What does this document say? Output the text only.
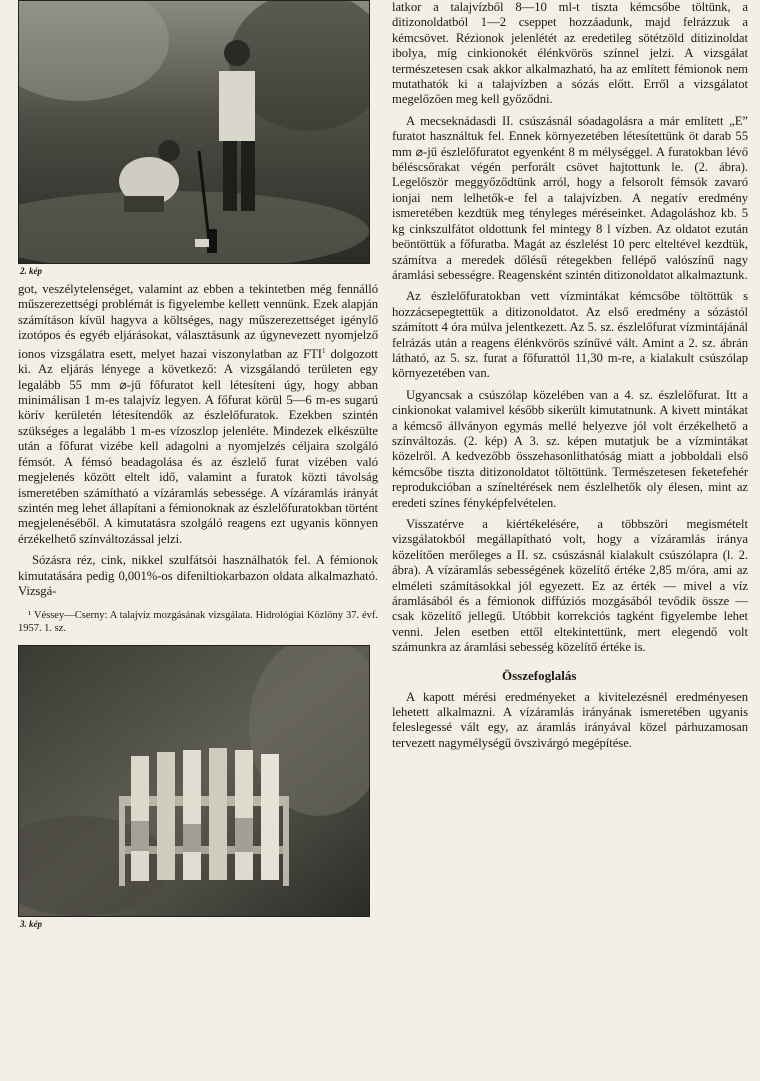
2. kép

got, veszélytelenséget, valamint az ebben a tekintetben még fennálló műszerezettségi problémát is figyelembe kellett vennünk. Ezek alapján számításon kívül hagyva a költséges, nagy műszerezettséget igénylő izotópos és egyéb eljárásokat, választásunk az úgynevezett nyomjelző ionos vizsgálatra esett, melyet hazai viszonylatban az FTI$^1$ dolgozott ki. Az eljárás lényege a következő: A vizsgálandó területen egy legalább 55 mm ⌀-jű főfuratot kell létesíteni úgy, hogy abban minimálisan 1 m-es talajvíz legyen. A főfurat körül 5—6 m-es sugarú körív kerületén létesítendők az észlelőfuratok. Ezekben szintén szükséges a legalább 1 m-es vízoszlop jelenléte. Mindezek elkészülte után a főfurat vizébe kell adagolni a nyomjelzés céljaira szolgáló fémsót. A fémsó beadagolása és az észlelő furat vizében való megjelenés között eltelt idő, valamint a furatok közti távolság ismeretében számítható a vízáramlás sebessége. A vízáramlás irányát szintén meg lehet állapítani a fémionoknak az észlelőfuratokban történt megjelenéséből. A kimutatásra szolgáló reagens ezt ugyanis könnyen érzékelhető színváltozással jelzi.

Sózásra réz, cink, nikkel szulfátsói használhatók fel. A fémionok kimutatására pedig 0,001%-os difeniltiokarbazon oldata alkalmazható. Vizsgá-

¹ Véssey—Cserny: A talajvíz mozgásának vizsgálata. Hidrológiai Közlöny 37. évf. 1957. 1. sz.

3. kép

latkor a talajvízből 8—10 ml-t tiszta kémcsőbe töltünk, a ditizonoldatból 1—2 cseppet hozzáadunk, majd felrázzuk a kémcsövet. Rézionok jelenlétét az eredetileg sötétzöld ditizinoldat ibolya, míg cinkionokét élénkvörös színnel jelzi. A vizsgálat természetesen csak akkor alkalmazható, ha az említett fémionok nem mutathatók ki a talajvízben a sózás előtt. Erről a vizsgálatot megelőzően meg kell győződni.

A mecseknádasdi II. csúszásnál sóadagolásra a már említett „E” furatot használtuk fel. Ennek környezetében létesítettünk öt darab 55 mm ⌀-jű észlelőfuratot egyenként 8 m mélységgel. A furatokban lévő béléscsőrakat végén perforált csövet hajtottunk le. (2. ábra). Legelőször meggyőződtünk arról, hogy a felsorolt fémsók zavaró ionjai nem lelhetők-e fel a talajvízben. A negatív eredmény ismeretében kezdtük meg tényleges méréseinket. Adagoláshoz kb. 5 kg cinkszulfátot oldottunk fel mintegy 8 l vízben. Az oldatot ezután beöntöttük a főfuratba. Magát az észlelést 10 perc elteltével kezdtük, számítva a meredek dőlésű rétegekben fellépő valószínű nagy áramlási sebességre. Reagensként szintén ditizonoldatot alkalmaztunk.

Az észlelőfuratokban vett vízmintákat kémcsőbe töltöttük s hozzácsepegtettük a ditizonoldatot. Az első eredmény a sózástól számított 4 óra múlva jelentkezett. Az 5. sz. észlelőfurat vízmintájánál felrázás után a reagens élénkvörös színűvé vált. Amint a 2. sz. ábrán látható, az 5. sz. furat a főfurattól 11,30 m-re, a kialakult csúszólap környezetében van.

Ugyancsak a csúszólap közelében van a 4. sz. észlelőfurat. Itt a cinkionokat valamivel később sikerült kimutatnunk. A kivett mintákat a kémcső állványon egymás mellé helyezve jól volt érzékelhető a színváltozás. (2. kép) A 3. sz. képen mutatjuk be a vízmintákat közelről. A kedvezőbb összehasonlíthatóság miatt a jobboldali első kémcsőbe tiszta ditizonoldatot töltöttünk. Természetesen feketefehér reprodukcióban a színeltérések nem észlelhetők oly élesen, mint az eredeti színes fényképfelvételen.

Visszatérve a kiértékelésére, a többszöri megismételt vizsgálatokból megállapítható volt, hogy a vízáramlás iránya közelítően merőleges a II. sz. csúszásnál kialakult csúszólapra (l. 2. ábra). A vízáramlás sebességének közelítő értéke 2,85 m/óra, ami az elméleti számításokkal jól egyezett. Ez az érték — mivel a víz áramlásából és a fémionok diffúziós mozgásából tevődik össze — csak közelítő jellegű. Utóbbit korrekciós tagként figyelembe lehet venni. Jelen esetben ettől eltekintettünk, mert elegendő volt számunkra az áramlási sebesség közelítő értéke is.

Összefoglalás

A kapott mérési eredményeket a kivitelezésnél eredményesen lehetett alkalmazni. A vízáramlás irányának ismeretében ugyanis feleslegessé vált egy, az áramlás irányával közel párhuzamosan tervezett nagymélységű övszivárgó megépítése.
